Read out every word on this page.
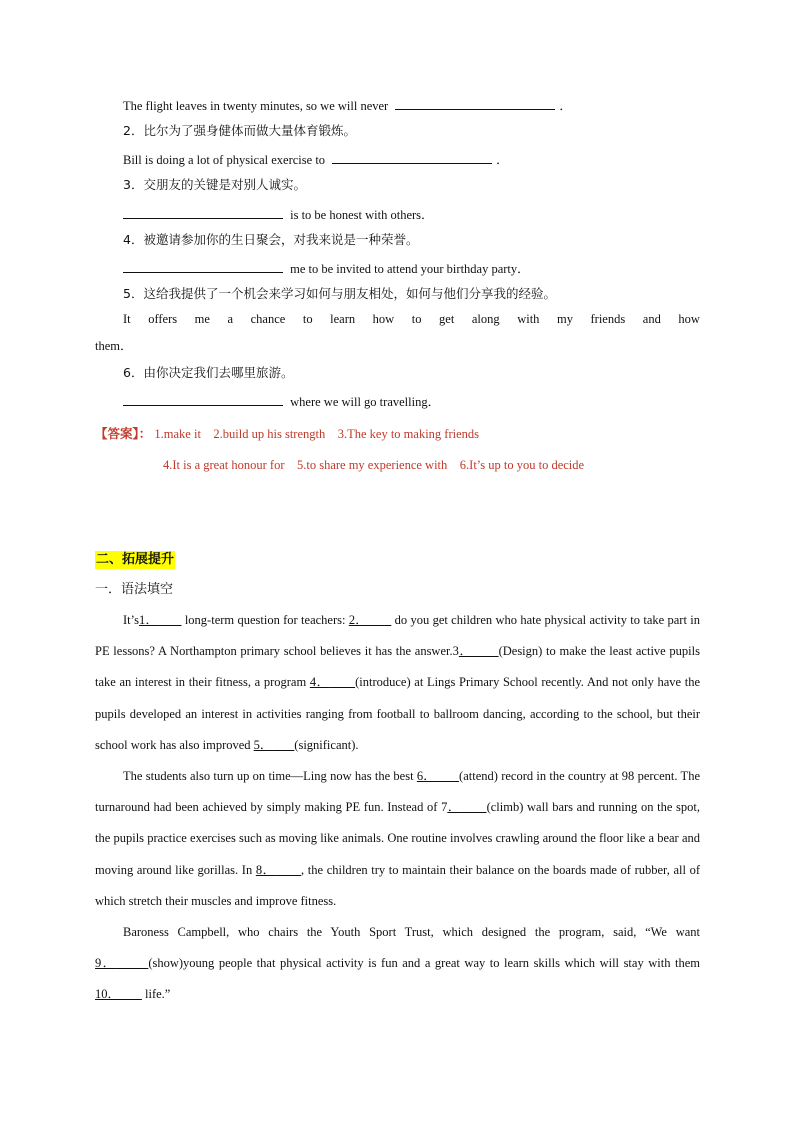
The flight leaves in twenty minutes, so we will never	．
2．比尔为了强身健体而做大量体育锻炼。
Bill is doing a lot of physical exercise to	．
3．交朋友的关键是对别人诚实。
is to be honest with others．
4．被邀请参加你的生日聚会，对我来说是一种荣誉。
me to be invited to attend your birthday party．
5．这给我提供了一个机会来学习如何与朋友相处，如何与他们分享我的经验。
It offers me a chance to learn how to get along with my friends and how
them．
6．由你决定我们去哪里旅游。
where we will go travelling．
【答案】： 1.make it    2.build up his strength    3.The key to making friends
4.It is a great honour for    5.to share my experience with    6.It’s up to you to decide
二、拓展提升
一．语法填空
It’s1．        long-term question for teachers: 2．        do you get children who hate physical activity to take part in PE lessons? A Northampton primary school believes it has the answer.3． (Design) to make the least active pupils take an interest in their fitness, a program 4． (introduce) at Lings Primary School recently. And not only have the pupils developed an interest in activities ranging from football to ballroom dancing, according to the school, but their school work has also improved 5． (significant).
The students also turn up on time—Ling now has the best 6． (attend) record in the country at 98 percent. The turnaround had been achieved by simply making PE fun. Instead of 7． (climb) wall bars and running on the spot, the pupils practice exercises such as moving like animals. One routine involves crawling around the floor like a bear and moving around like gorillas. In 8． , the children try to maintain their balance on the boards made of rubber, all of which stretch their muscles and improve fitness.
Baroness Campbell, who chairs the Youth Sport Trust, which designed the program, said, “We want 9．	(show)young people that physical activity is fun and a great way to learn skills which will stay with them 10．        life.”
